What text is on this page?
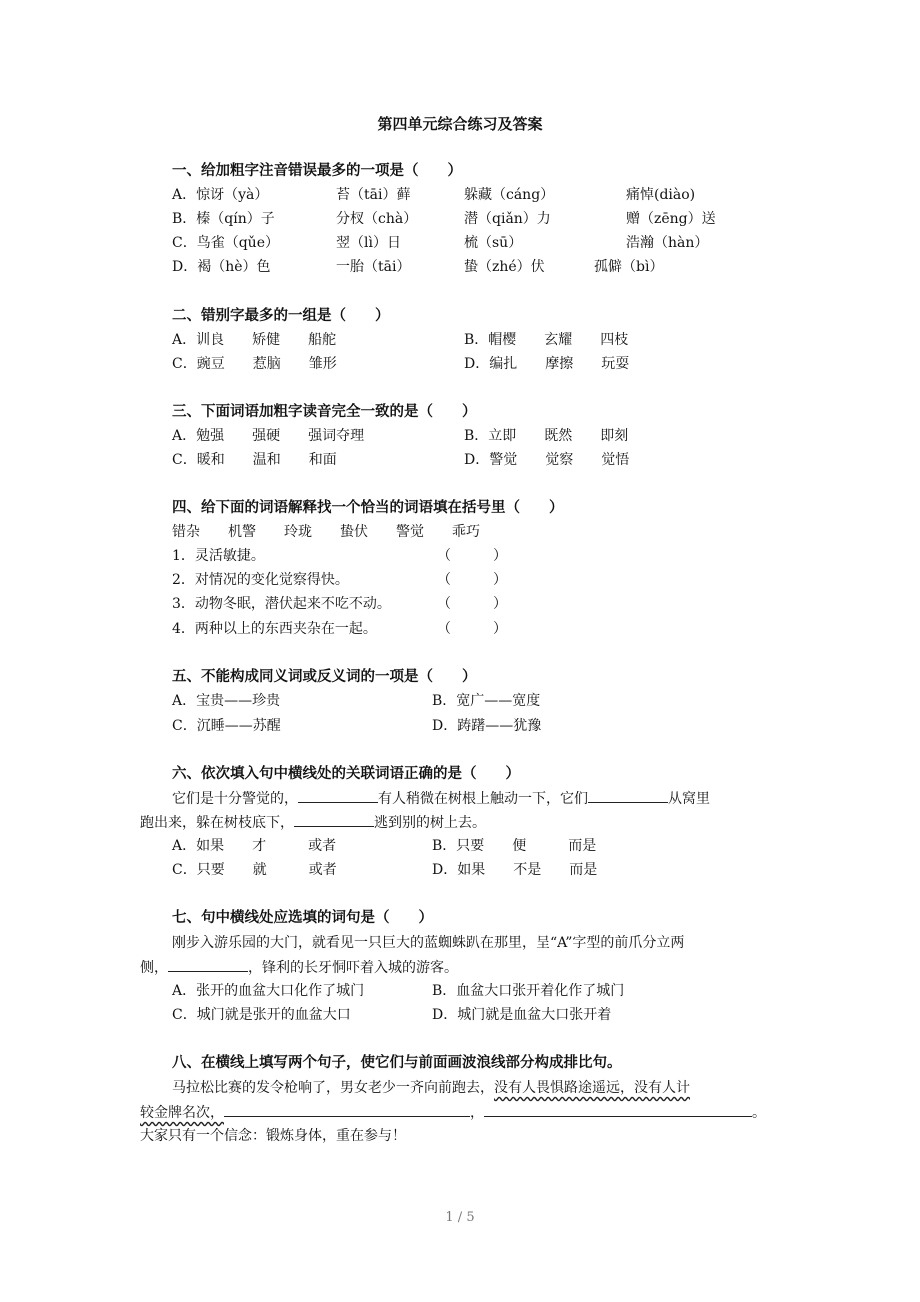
第四单元综合练习及答案
一、给加粗字注音错误最多的一项是（　　）
A．惊讶（yà）	苔（tāi）藓	躲藏（cáng）	痛悼(diào)
B．榛（qín）子	分杈（chà）	潜（qiǎn）力	赠（zēng）送
C．鸟雀（qǔe）	翌（lì）日	梳（sū）	浩瀚（hàn）
D．褐（hè）色	一胎（tāi）	蛰（zhé）伏	孤僻（bì）
二、错别字最多的一组是（　　）
A．训良　　矫健　　船舵	B．帽樱　　玄耀　　四枝
C．豌豆　　惹脑　　雏形	D．编扎　　摩擦　　玩耍
三、下面词语加粗字读音完全一致的是（　　）
A．勉强　　强硬　　强词夺理	B．立即　　既然　　即刻
C．暖和　　温和　　和面	D．警觉　　觉察　　觉悟
四、给下面的词语解释找一个恰当的词语填在括号里（　　）
错杂　　机警　　玲珑　　蛰伏　　警觉　　乖巧
1．灵活敏捷。	（　　　）
2．对情况的变化觉察得快。	（　　　）
3．动物冬眠，潜伏起来不吃不动。	（　　　）
4．两种以上的东西夹杂在一起。	（　　　）
五、不能构成同义词或反义词的一项是（　　）
A．宝贵——珍贵	B．宽广——宽度
C．沉睡——苏醒	D．踌躇——犹豫
六、依次填入句中横线处的关联词语正确的是（　　）
它们是十分警觉的，	有人稍微在树根上触动一下，它们	从窝里
跑出来，躲在树枝底下，	逃到别的树上去。
A．如果　　才　　　或者	B．只要　　便　　　而是
C．只要　　就　　　或者	D．如果　　不是　　而是
七、句中横线处应选填的词句是（　　）
刚步入游乐园的大门，就看见一只巨大的蓝蜘蛛趴在那里，呈“A”字型的前爪分立两
侧，	，锋利的长牙恫吓着入城的游客。
A．张开的血盆大口化作了城门	B．血盆大口张开着化作了城门
C．城门就是张开的血盆大口	D．城门就是血盆大口张开着
八、在横线上填写两个句子，使它们与前面画波浪线部分构成排比句。
马拉松比赛的发令枪响了，男女老少一齐向前跑去，没有人畏惧路途遥远，没有人计
较金牌名次，	，	。
大家只有一个信念：锻炼身体，重在参与！
1 / 5
